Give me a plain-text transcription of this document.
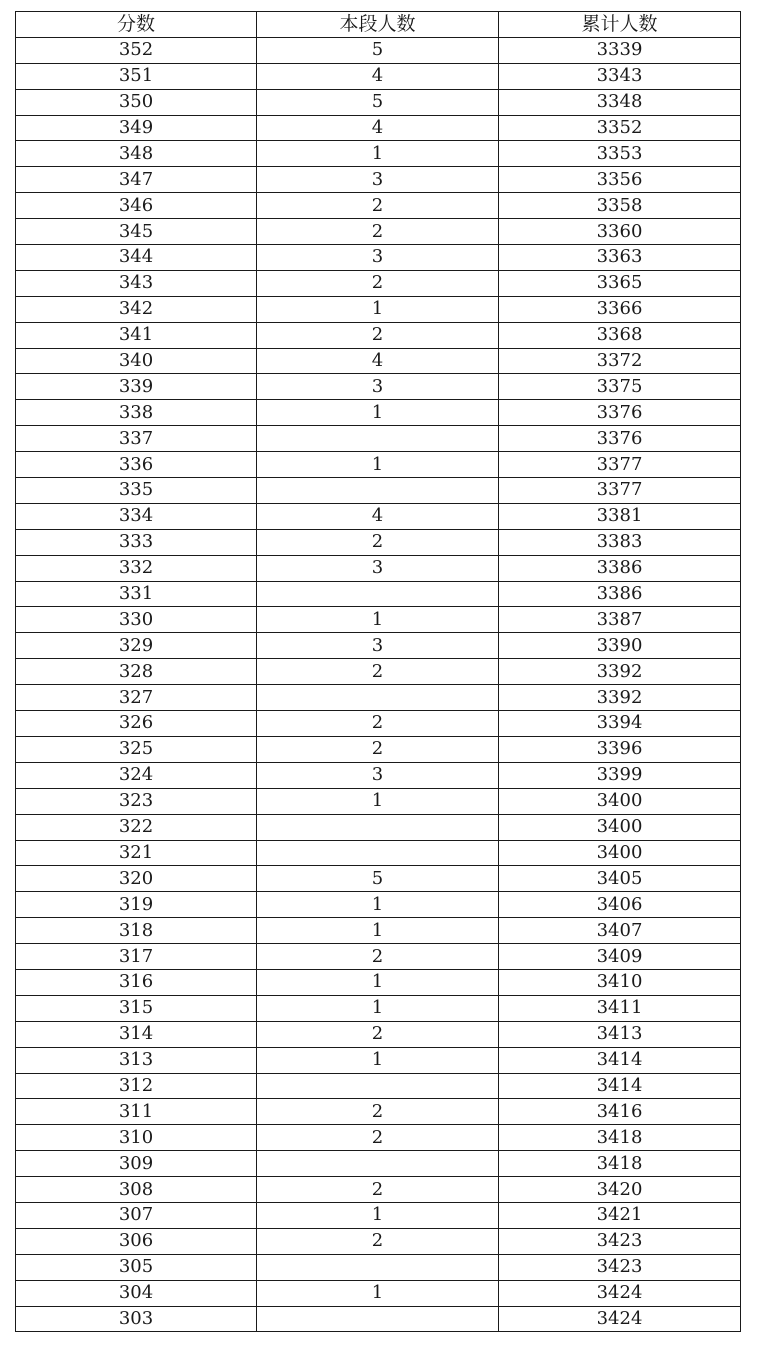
分数	本段人数	累计人数
352	5	3339
351	4	3343
350	5	3348
349	4	3352
348	1	3353
347	3	3356
346	2	3358
345	2	3360
344	3	3363
343	2	3365
342	1	3366
341	2	3368
340	4	3372
339	3	3375
338	1	3376
337		3376
336	1	3377
335		3377
334	4	3381
333	2	3383
332	3	3386
331		3386
330	1	3387
329	3	3390
328	2	3392
327		3392
326	2	3394
325	2	3396
324	3	3399
323	1	3400
322		3400
321		3400
320	5	3405
319	1	3406
318	1	3407
317	2	3409
316	1	3410
315	1	3411
314	2	3413
313	1	3414
312		3414
311	2	3416
310	2	3418
309		3418
308	2	3420
307	1	3421
306	2	3423
305		3423
304	1	3424
303		3424
